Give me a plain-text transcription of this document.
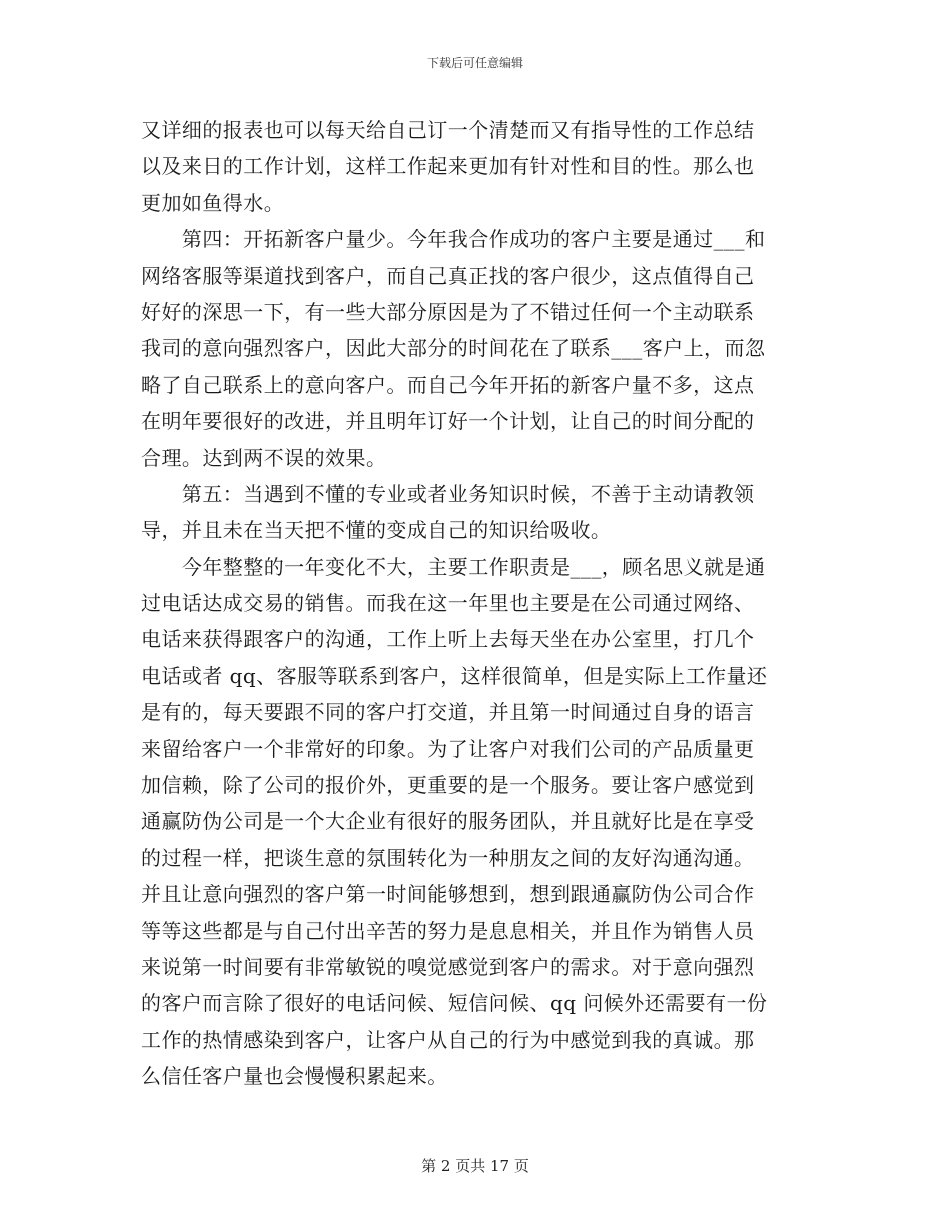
下载后可任意编辑
又详细的报表也可以每天给自己订一个清楚而又有指导性的工作总结
以及来日的工作计划，这样工作起来更加有针对性和目的性。那么也
更加如鱼得水。
　　第四：开拓新客户量少。今年我合作成功的客户主要是通过___和
网络客服等渠道找到客户，而自己真正找的客户很少，这点值得自己
好好的深思一下，有一些大部分原因是为了不错过任何一个主动联系
我司的意向强烈客户，因此大部分的时间花在了联系___客户上，而忽
略了自己联系上的意向客户。而自己今年开拓的新客户量不多，这点
在明年要很好的改进，并且明年订好一个计划，让自己的时间分配的
合理。达到两不误的效果。
　　第五：当遇到不懂的专业或者业务知识时候，不善于主动请教领
导，并且未在当天把不懂的变成自己的知识给吸收。
　　今年整整的一年变化不大，主要工作职责是___，顾名思义就是通
过电话达成交易的销售。而我在这一年里也主要是在公司通过网络、
电话来获得跟客户的沟通，工作上听上去每天坐在办公室里，打几个
电话或者 qq、客服等联系到客户，这样很简单，但是实际上工作量还
是有的，每天要跟不同的客户打交道，并且第一时间通过自身的语言
来留给客户一个非常好的印象。为了让客户对我们公司的产品质量更
加信赖，除了公司的报价外，更重要的是一个服务。要让客户感觉到
通赢防伪公司是一个大企业有很好的服务团队，并且就好比是在享受
的过程一样，把谈生意的氛围转化为一种朋友之间的友好沟通沟通。
并且让意向强烈的客户第一时间能够想到，想到跟通赢防伪公司合作
等等这些都是与自己付出辛苦的努力是息息相关，并且作为销售人员
来说第一时间要有非常敏锐的嗅觉感觉到客户的需求。对于意向强烈
的客户而言除了很好的电话问候、短信问候、qq 问候外还需要有一份
工作的热情感染到客户，让客户从自己的行为中感觉到我的真诚。那
么信任客户量也会慢慢积累起来。
第 2 页共 17 页
